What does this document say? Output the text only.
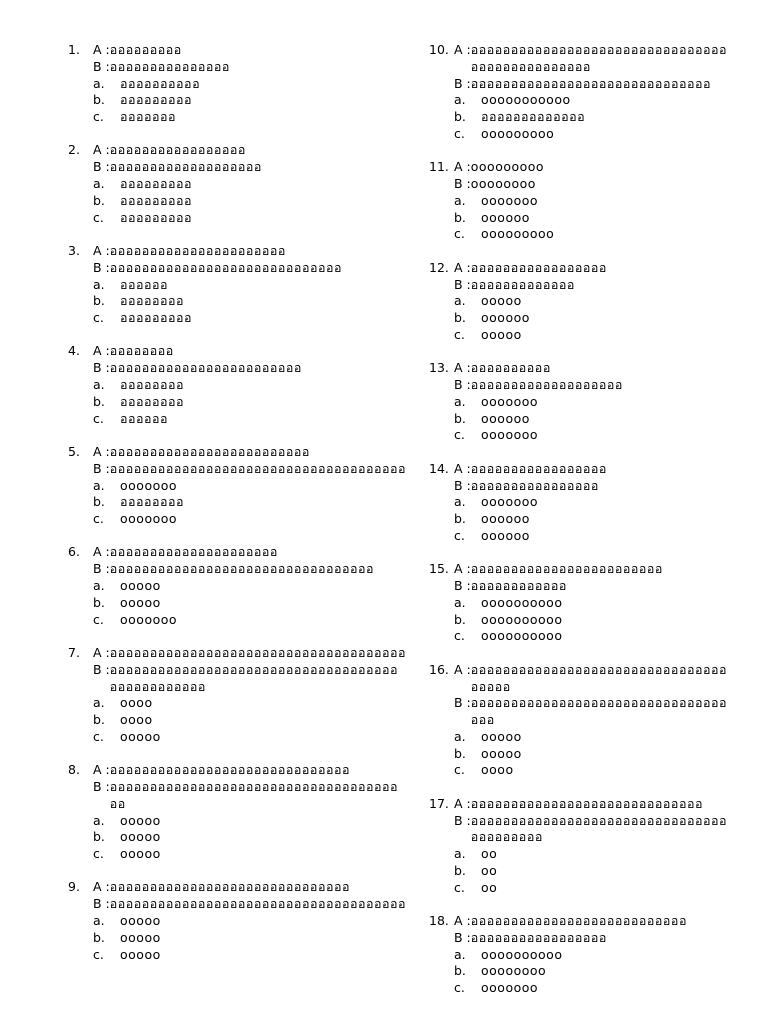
1.	A : อออออออออ
B : อออออออออออออออ
a.	ออออออออออ
b.	อออออออออ
c.	อออออออ
2.	A : อออออออออออออออออ
B : อออออออออออออออออออ
a.	อออออออออ
b.	อออออออออ
c.	อออออออออ
3.	A : ออออออออออออออออออออออ
B : อออออออออออออออออออออออออออออ
a.	ออออออ
b.	ออออออออ
c.	อออออออออ
4.	A : ออออออออ
B : ออออออออออออออออออออออออ
a.	ออออออออ
b.	ออออออออ
c.	ออออออ
5.	A : อออออออออออออออออออออออออ
B : อออออออออออออออออออออออออออออออออออออ
a.	ooooooo
b.	ออออออออ
c.	ooooooo
6.	A : อออออออออออออออออออออ
B : อออออออออออออออออออออออออออออออออ
a.	ooooo
b.	ooooo
c.	ooooooo
7.	A : อออออออออออออออออออออออออออออออออออออ
B : ออออออออออออออออออออออออออออออออออออออออออออออออ
a.	oooo
b.	oooo
c.	ooooo
8.	A : ออออออออออออออออออออออออออออออ
B : ออออออออออออออออออออออออออออออออออออออ
a.	ooooo
b.	ooooo
c.	ooooo
9.	A : ออออออออออออออออออออออออออออออ
B : อออออออออออออออออออออออออออออออออออออ
a.	ooooo
b.	ooooo
c.	ooooo
10. A : อออออออออออออออออออออออออออออออออออออออออออออออ
B : ออออออออออออออออออออออออออออออ
a.	ooooooooooo
b.	อออออออออออออ
c.	ooooooooo
11. A : ooooooooo
B : oooooooo
a.	ooooooo
b.	oooooo
c.	ooooooooo
12. A : อออออออออออออออออ
B : อออออออออออออ
a.	ooooo
b.	oooooo
c.	ooooo
13. A : ออออออออออ
B : อออออออออออออออออออ
a.	ooooooo
b.	oooooo
c.	ooooooo
14. A : อออออออออออออออออ
B : ออออออออออออออออ
a.	ooooooo
b.	oooooo
c.	oooooo
15. A : ออออออออออออออออออออออออ
B : ออออออออออออ
a.	oooooooooo
b.	oooooooooo
c.	oooooooooo
16. A : อออออออออออออออออออออออออออออออออออออ
B : อออออออออออออออออออออออออออออออออออ
a.	ooooo
b.	ooooo
c.	oooo
17. A : อออออออออออออออออออออออออออออ
B : อออออออออออออออออออออออออออออออออออออออออ
a.	oo
b.	oo
c.	oo
18. A : อออออออออออออออออออออออออออ
B : อออออออออออออออออ
a.	oooooooooo
b.	oooooooo
c.	ooooooo
